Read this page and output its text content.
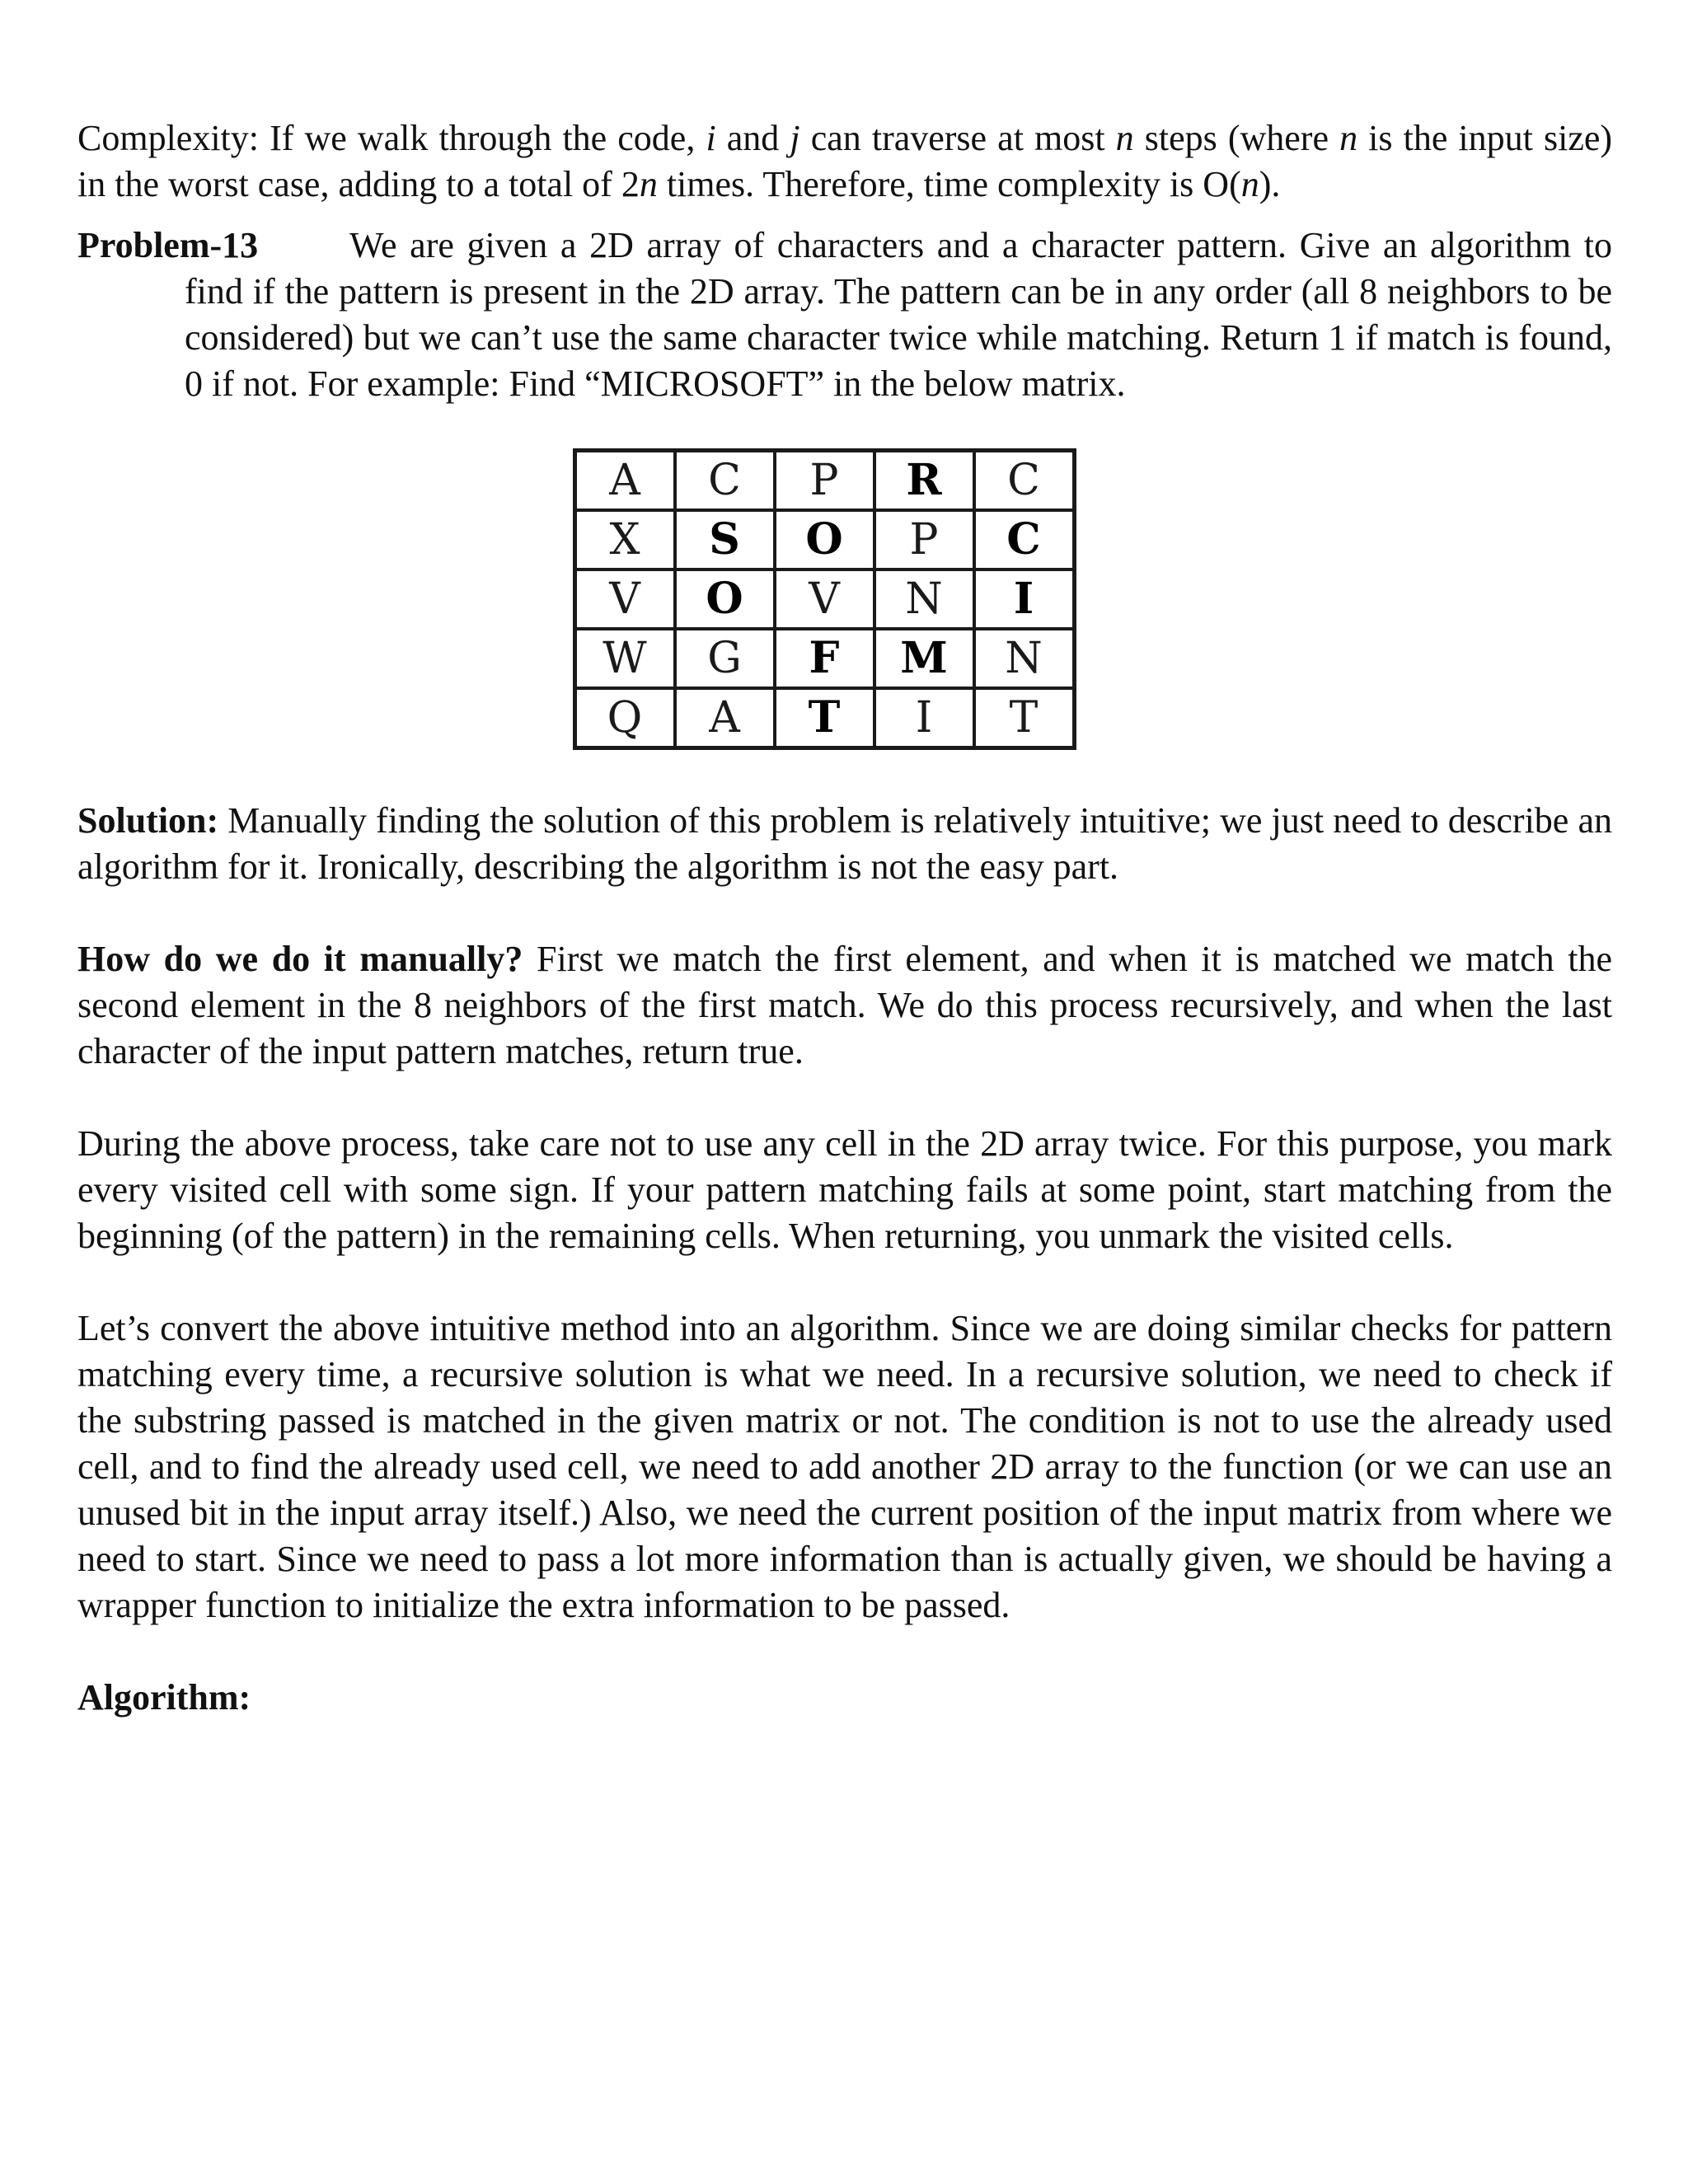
Complexity: If we walk through the code, i and j can traverse at most n steps (where n is the input size) in the worst case, adding to a total of 2n times. Therefore, time complexity is O(n).

Problem-13	We are given a 2D array of characters and a character pattern. Give an algorithm to find if the pattern is present in the 2D array. The pattern can be in any order (all 8 neighbors to be considered) but we can’t use the same character twice while matching. Return 1 if match is found, 0 if not. For example: Find “MICROSOFT” in the below matrix.

A	C	P	R	C
X	S	O	P	C
V	O	V	N	I
W	G	F	M	N
Q	A	T	I	T

Solution: Manually finding the solution of this problem is relatively intuitive; we just need to describe an algorithm for it. Ironically, describing the algorithm is not the easy part.

How do we do it manually? First we match the first element, and when it is matched we match the second element in the 8 neighbors of the first match. We do this process recursively, and when the last character of the input pattern matches, return true.

During the above process, take care not to use any cell in the 2D array twice. For this purpose, you mark every visited cell with some sign. If your pattern matching fails at some point, start matching from the beginning (of the pattern) in the remaining cells. When returning, you unmark the visited cells.

Let’s convert the above intuitive method into an algorithm. Since we are doing similar checks for pattern matching every time, a recursive solution is what we need. In a recursive solution, we need to check if the substring passed is matched in the given matrix or not. The condition is not to use the already used cell, and to find the already used cell, we need to add another 2D array to the function (or we can use an unused bit in the input array itself.) Also, we need the current position of the input matrix from where we need to start. Since we need to pass a lot more information than is actually given, we should be having a wrapper function to initialize the extra information to be passed.

Algorithm:
